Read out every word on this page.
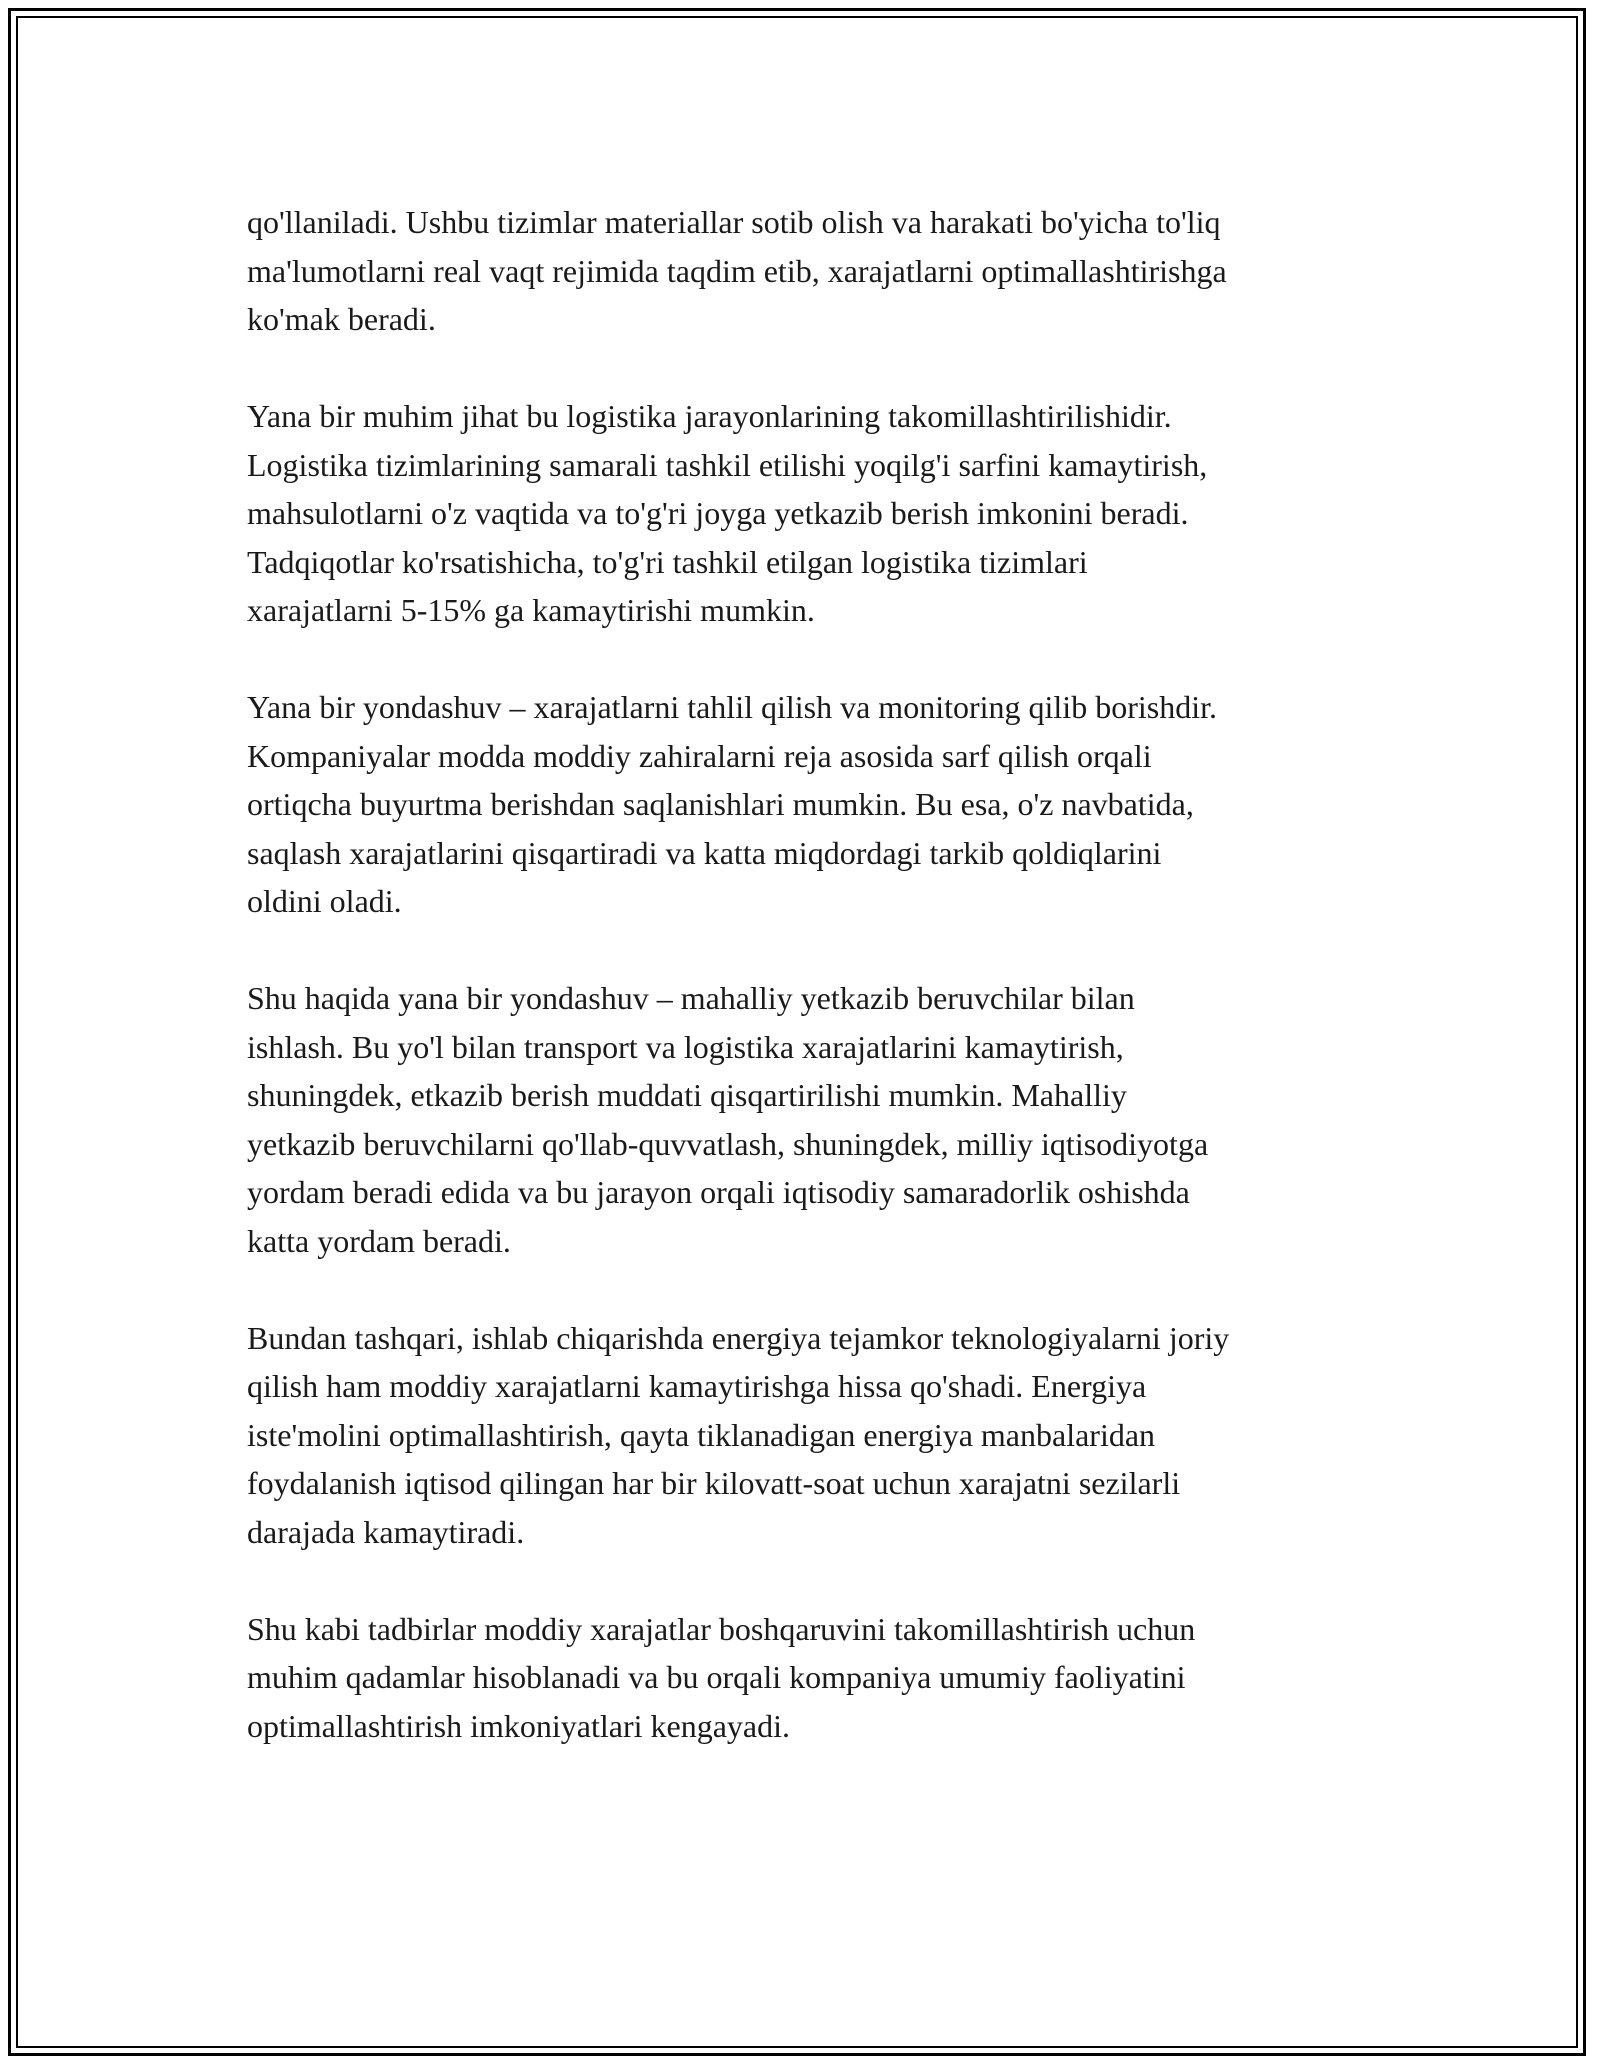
qo'llaniladi. Ushbu tizimlar materiallar sotib olish va harakati bo'yicha to'liq
ma'lumotlarni real vaqt rejimida taqdim etib, xarajatlarni optimallashtirishga
ko'mak beradi.

Yana bir muhim jihat bu logistika jarayonlarining takomillashtirilishidir.
Logistika tizimlarining samarali tashkil etilishi yoqilg'i sarfini kamaytirish,
mahsulotlarni o'z vaqtida va to'g'ri joyga yetkazib berish imkonini beradi.
Tadqiqotlar ko'rsatishicha, to'g'ri tashkil etilgan logistika tizimlari
xarajatlarni 5-15% ga kamaytirishi mumkin.

Yana bir yondashuv – xarajatlarni tahlil qilish va monitoring qilib borishdir.
Kompaniyalar modda moddiy zahiralarni reja asosida sarf qilish orqali
ortiqcha buyurtma berishdan saqlanishlari mumkin. Bu esa, o'z navbatida,
saqlash xarajatlarini qisqartiradi va katta miqdordagi tarkib qoldiqlarini
oldini oladi.

Shu haqida yana bir yondashuv – mahalliy yetkazib beruvchilar bilan
ishlash. Bu yo'l bilan transport va logistika xarajatlarini kamaytirish,
shuningdek, etkazib berish muddati qisqartirilishi mumkin. Mahalliy
yetkazib beruvchilarni qo'llab-quvvatlash, shuningdek, milliy iqtisodiyotga
yordam beradi edida va bu jarayon orqali iqtisodiy samaradorlik oshishda
katta yordam beradi.

Bundan tashqari, ishlab chiqarishda energiya tejamkor teknologiyalarni joriy
qilish ham moddiy xarajatlarni kamaytirishga hissa qo'shadi. Energiya
iste'molini optimallashtirish, qayta tiklanadigan energiya manbalaridan
foydalanish iqtisod qilingan har bir kilovatt-soat uchun xarajatni sezilarli
darajada kamaytiradi.

Shu kabi tadbirlar moddiy xarajatlar boshqaruvini takomillashtirish uchun
muhim qadamlar hisoblanadi va bu orqali kompaniya umumiy faoliyatini
optimallashtirish imkoniyatlari kengayadi.
